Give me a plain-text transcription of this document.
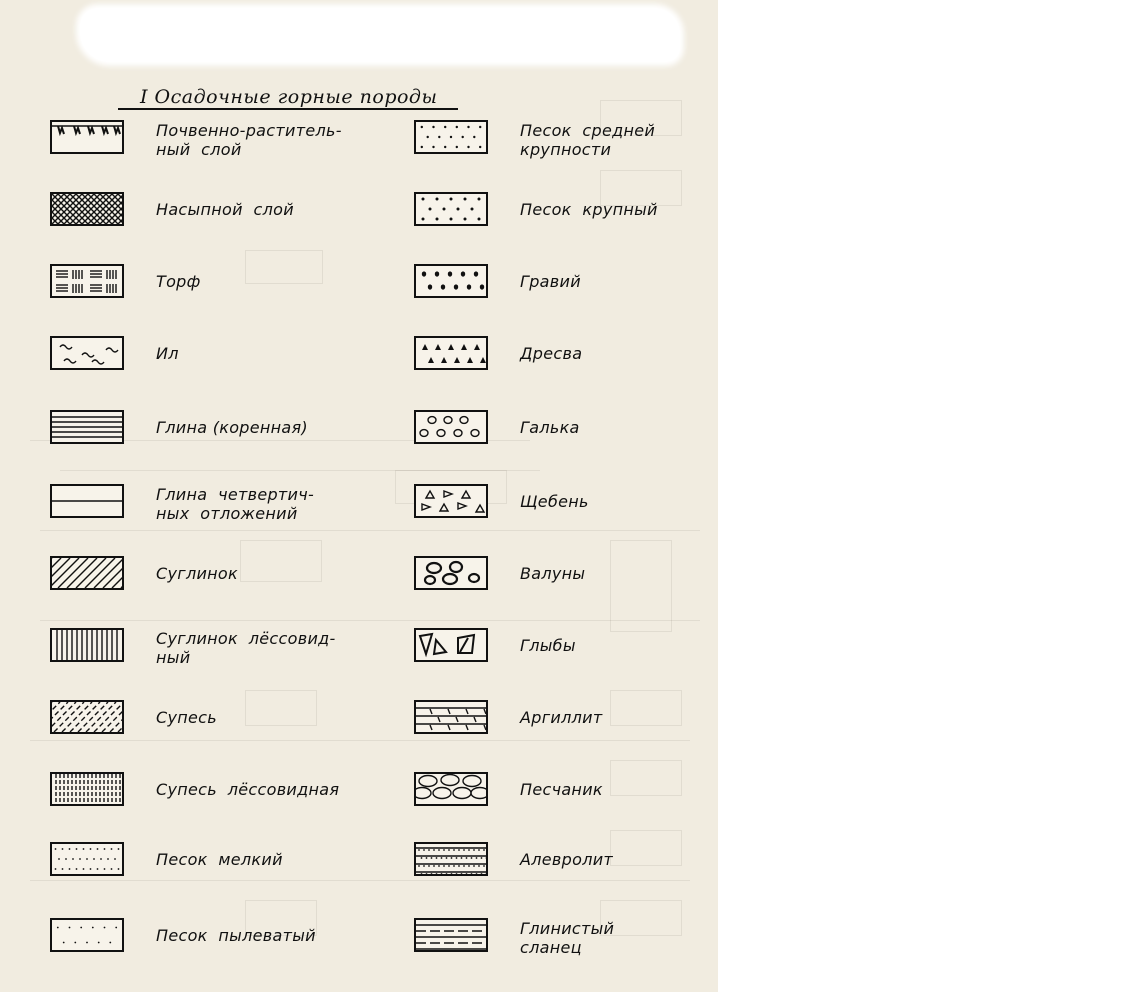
I Осадочные горные породы
Почвенно-раститель-
ный  слой
Насыпной  слой
Торф
Ил
Глина (коренная)
Глина  четвертич-
ных  отложений
Суглинок
Суглинок  лёссовид-
ный
Супесь
Супесь  лёссовидная
Песок  мелкий
Песок  пылеватый
Песок  средней
крупности
Песок  крупный
Гравий
Дресва
Галька
Щебень
Валуны
Глыбы
Аргиллит
Песчаник
Алевролит
Глинистый
сланец
